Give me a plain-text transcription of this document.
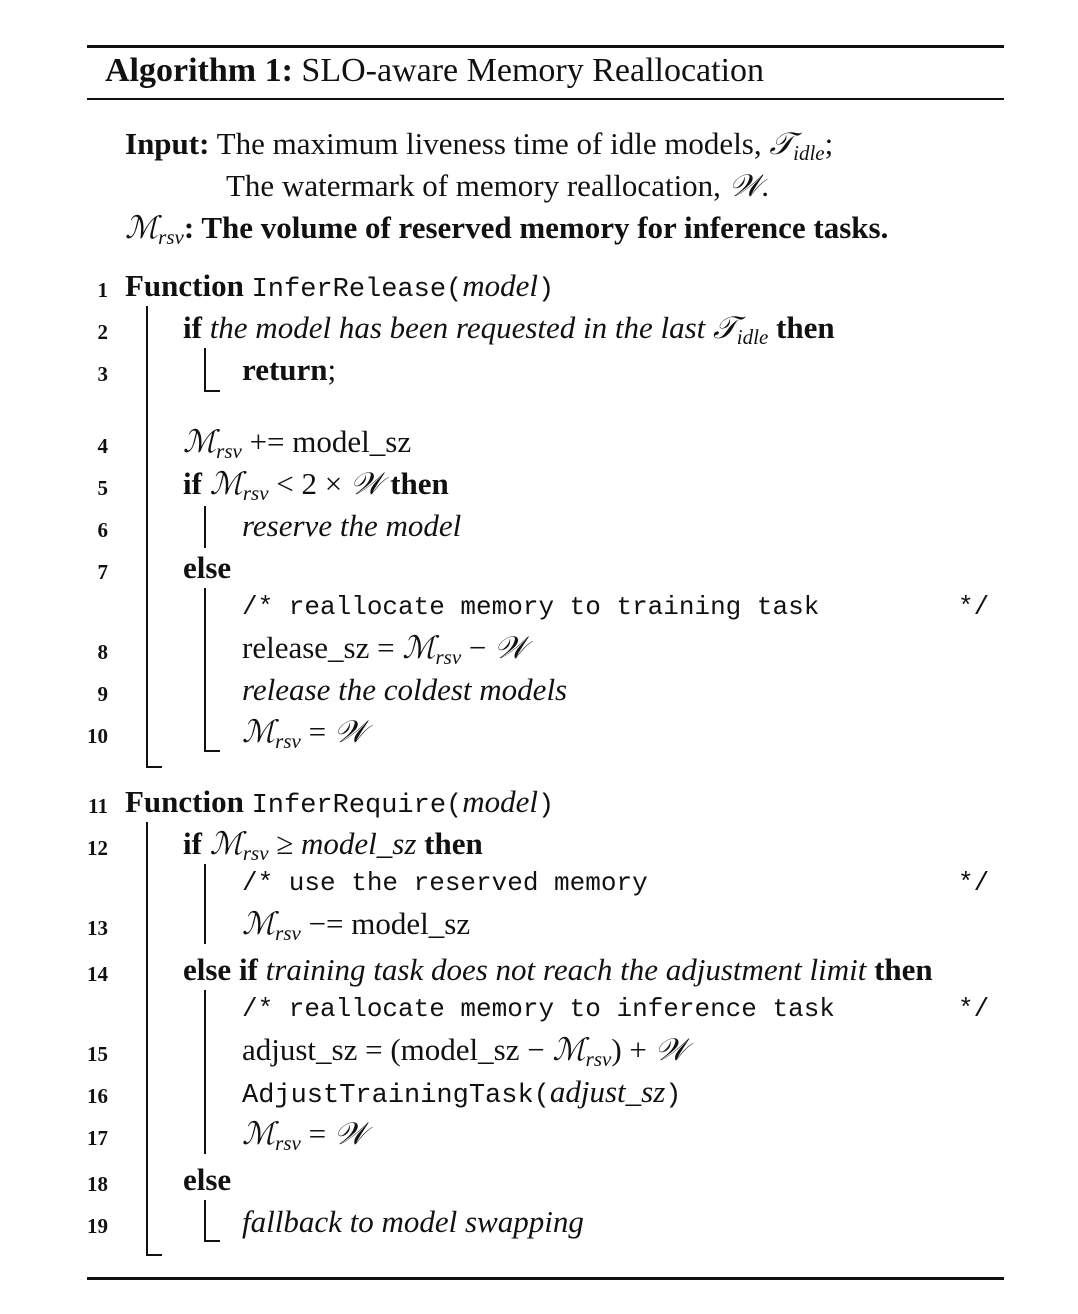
Algorithm 1: SLO-aware Memory Reallocation
Input: The maximum liveness time of idle models, 𝒯idle;
The watermark of memory reallocation, 𝒲.
ℳrsv: The volume of reserved memory for inference tasks.
1
2
3
4
5
6
7
8
9
10
11
12
13
14
15
16
17
18
19
Function InferRelease(model)
if the model has been requested in the last 𝒯idle then
return;
ℳrsv += model_sz
if ℳrsv < 2 × 𝒲 then
reserve the model
else
/* reallocate memory to training task	*/
release_sz = ℳrsv − 𝒲
release the coldest models
ℳrsv = 𝒲
Function InferRequire(model)
if ℳrsv ≥ model_sz then
/* use the reserved memory	*/
ℳrsv −= model_sz
else if training task does not reach the adjustment limit then
/* reallocate memory to inference task	*/
adjust_sz = (model_sz − ℳrsv) + 𝒲
AdjustTrainingTask(adjust_sz)
ℳrsv = 𝒲
else
fallback to model swapping
